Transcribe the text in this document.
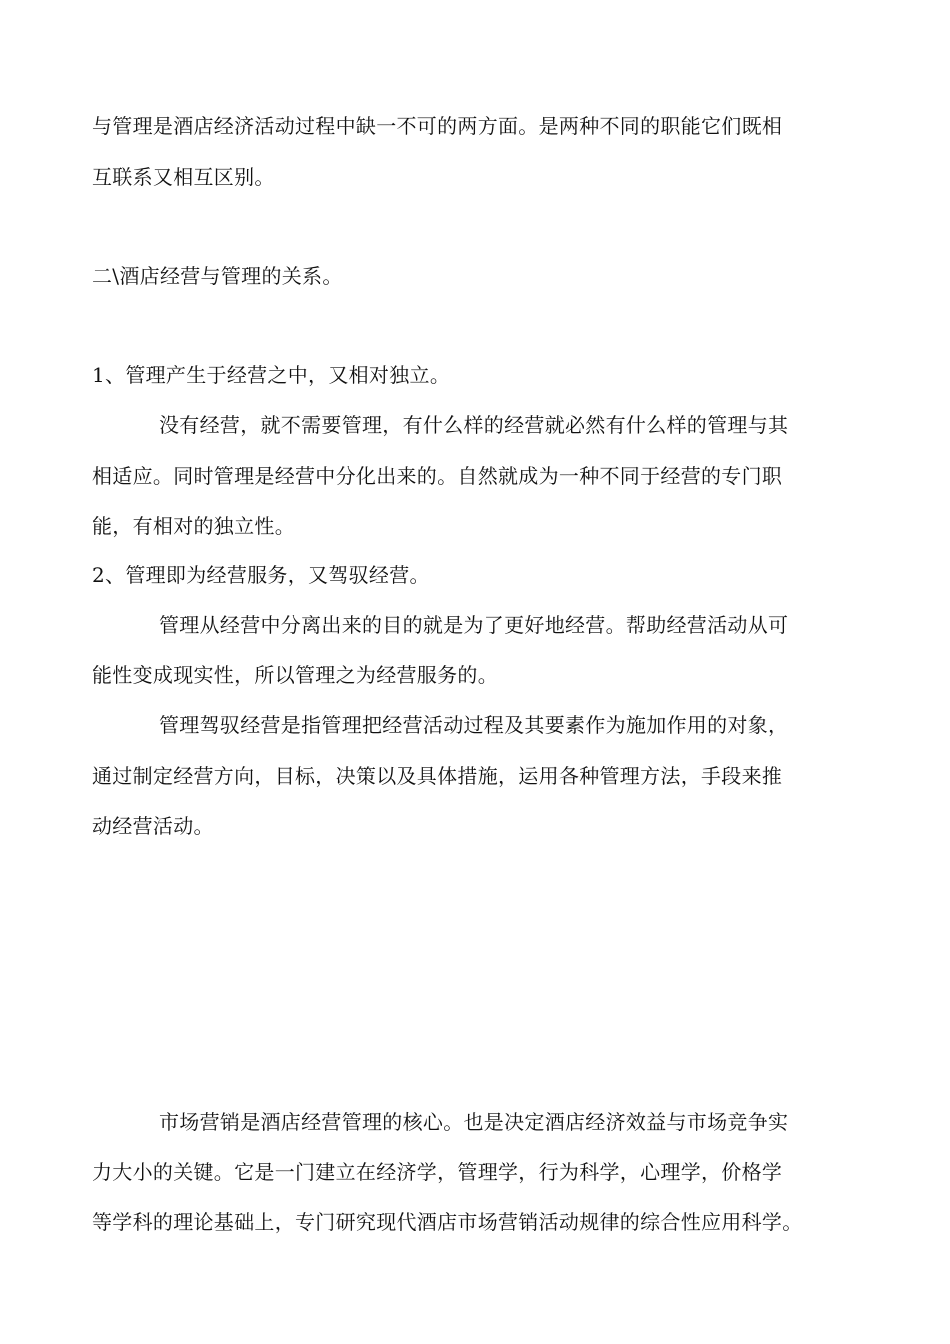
与管理是酒店经济活动过程中缺一不可的两方面。是两种不同的职能它们既相
互联系又相互区别。
二\酒店经营与管理的关系。
1、管理产生于经营之中，又相对独立。
没有经营，就不需要管理，有什么样的经营就必然有什么样的管理与其
相适应。同时管理是经营中分化出来的。自然就成为一种不同于经营的专门职
能，有相对的独立性。
2、管理即为经营服务，又驾驭经营。
管理从经营中分离出来的目的就是为了更好地经营。帮助经营活动从可
能性变成现实性，所以管理之为经营服务的。
管理驾驭经营是指管理把经营活动过程及其要素作为施加作用的对象，
通过制定经营方向，目标，决策以及具体措施，运用各种管理方法，手段来推
动经营活动。
市场营销是酒店经营管理的核心。也是决定酒店经济效益与市场竞争实
力大小的关键。它是一门建立在经济学，管理学，行为科学，心理学，价格学
等学科的理论基础上，专门研究现代酒店市场营销活动规律的综合性应用科学。
